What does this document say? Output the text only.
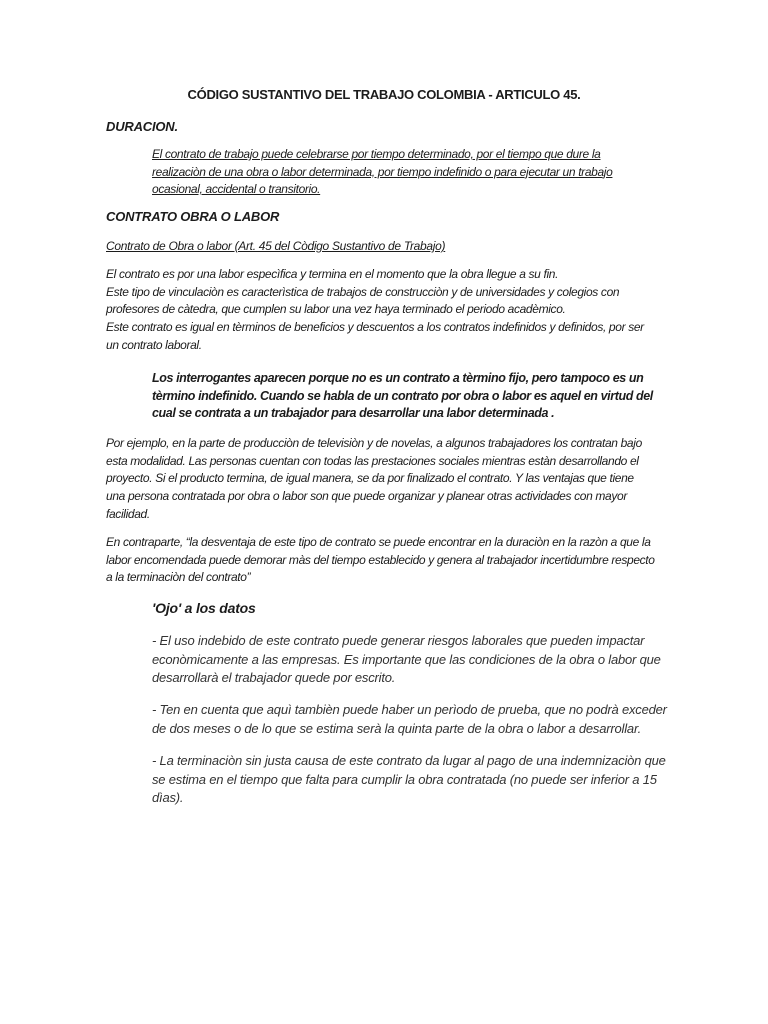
CÓDIGO SUSTANTIVO DEL TRABAJO COLOMBIA - ARTICULO 45.
DURACION.
El contrato de trabajo puede celebrarse por tiempo determinado, por el tiempo que dure la
realizaciòn de una obra o labor determinada, por tiempo indefinido o para ejecutar un trabajo
ocasional, accidental o transitorio.
CONTRATO OBRA O LABOR
Contrato de Obra o labor (Art. 45 del Còdigo Sustantivo de Trabajo)
El contrato es por una labor especìfica y termina en el momento que la obra llegue a su fin.
Este tipo de vinculaciòn es caracterìstica de trabajos de construcciòn y de universidades y colegios con
profesores de càtedra, que cumplen su labor una vez haya terminado el periodo acadèmico.
Este contrato es igual en tèrminos de beneficios y descuentos a los contratos indefinidos y definidos, por ser
un contrato laboral.
Los interrogantes aparecen porque no es un contrato a tèrmino fijo, pero tampoco es un
tèrmino indefinido. Cuando se habla de un contrato por obra o labor es aquel en virtud del
cual se contrata a un trabajador para desarrollar una labor determinada .
Por ejemplo, en la parte de producciòn de televisiòn y de novelas, a algunos trabajadores los contratan bajo
esta modalidad. Las personas cuentan con todas las prestaciones sociales mientras estàn desarrollando el
proyecto. Si el producto termina, de igual manera, se da por finalizado el contrato. Y las ventajas que tiene
una persona contratada por obra o labor son que puede organizar y planear otras actividades con mayor
facilidad.
En contraparte, “la desventaja de este tipo de contrato se puede encontrar en la duraciòn en la razòn a que la
labor encomendada puede demorar màs del tiempo establecido y genera al trabajador incertidumbre respecto
a la terminaciòn del contrato”
'Ojo' a los datos
- El uso indebido de este contrato puede generar riesgos laborales que pueden impactar
econòmicamente a las empresas. Es importante que las condiciones de la obra o labor que
desarrollarà el trabajador quede por escrito.
- Ten en cuenta que aquì tambièn puede haber un perìodo de prueba, que no podrà exceder
de dos meses o de lo que se estima serà la quinta parte de la obra o labor a desarrollar.
- La terminaciòn sin justa causa de este contrato da lugar al pago de una indemnizaciòn que
se estima en el tiempo que falta para cumplir la obra contratada (no puede ser inferior a 15
dìas).
